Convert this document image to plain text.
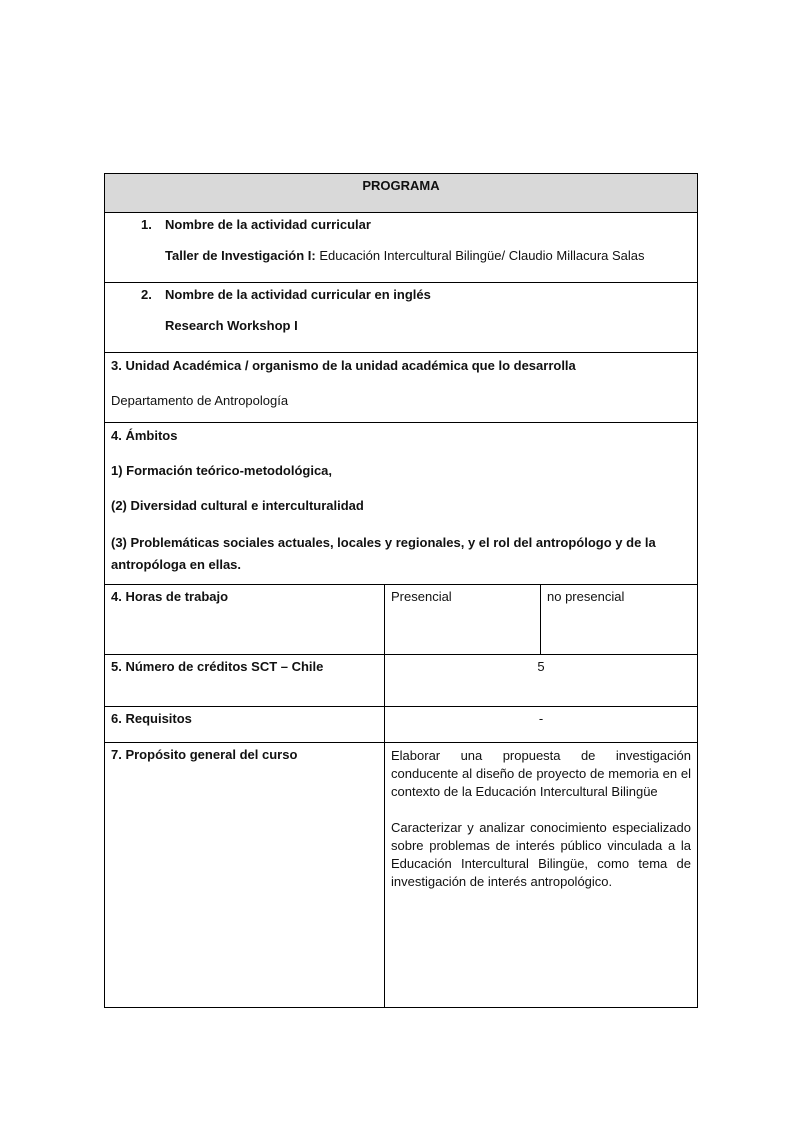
PROGRAMA		

1. Nombre de la actividad curricular
Taller de Investigación I: Educación Intercultural Bilingüe/ Claudio Millacura Salas		

2. Nombre de la actividad curricular en inglés
Research Workshop I		

3. Unidad Académica / organismo de la unidad académica que lo desarrolla

Departamento de Antropología		

4. Ámbitos

1) Formación teórico-metodológica,

(2) Diversidad cultural e interculturalidad

(3) Problemáticas sociales actuales, locales y regionales, y el rol del antropólogo y de la antropóloga en ellas.		

4. Horas de trabajo	Presencial	no presencial

5. Número de créditos SCT – Chile	5	

6. Requisitos	-	

7. Propósito general del curso	Elaborar una propuesta de investigación conducente al diseño de proyecto de memoria en el contexto de la Educación Intercultural Bilingüe

Caracterizar y analizar conocimiento especializado sobre problemas de interés público vinculada a la Educación Intercultural Bilingüe, como tema de investigación de interés antropológico.	
